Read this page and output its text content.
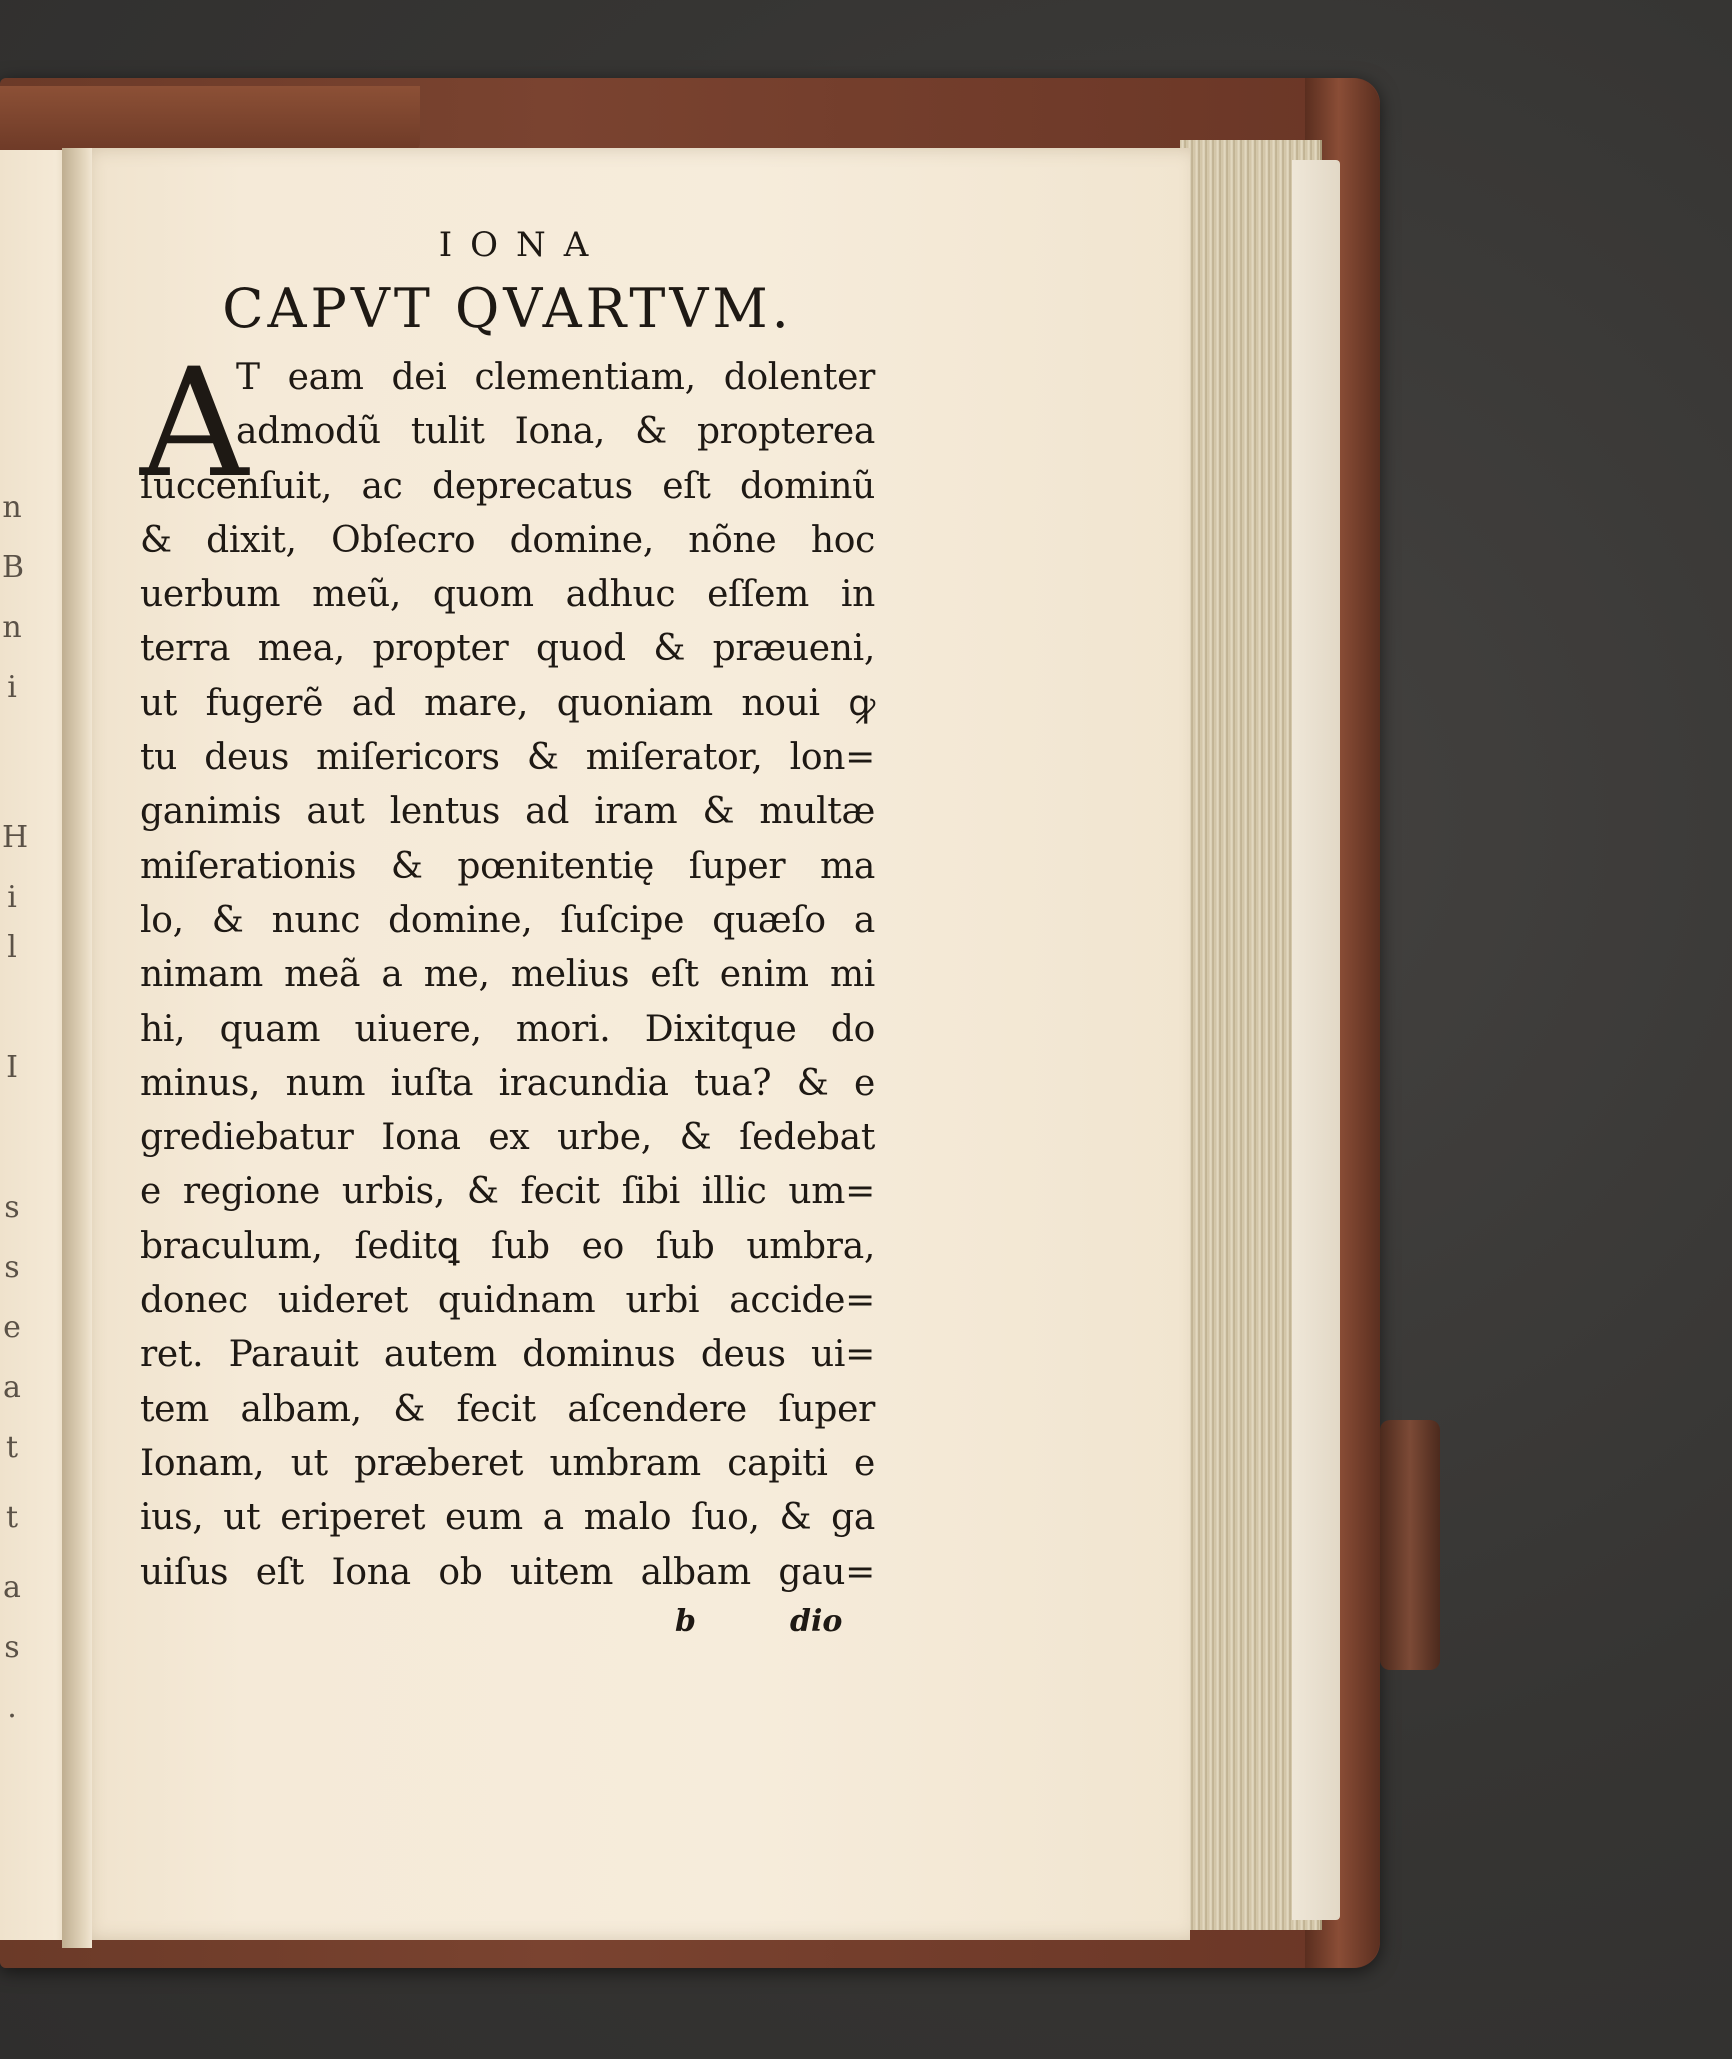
n
B
n
i
H
i
l
I
s
s
e
a
t
t
a
s
.
IONA
CAPVT QVARTVM.
A
T eam dei clementiam, dolenter
admodũ tulit Iona, & propterea
ſuccenſuit, ac deprecatus eſt dominũ
& dixit, Obſecro domine, nõne hoc
uerbum meũ, quom adhuc eſſem in
terra mea, propter quod & præueni,
ut fugerẽ ad mare, quoniam noui ꝙ
tu deus miſericors & miſerator, lon=
ganimis aut lentus ad iram & multæ
miſerationis & pœnitentię ſuper ma
lo, & nunc domine, ſuſcipe quæſo a
nimam meã a me, melius eſt enim mi
hi, quam uiuere, mori. Dixitque do
minus, num iuſta iracundia tua? & e
grediebatur Iona ex urbe, & ſedebat
e regione urbis, & fecit ſibi illic um=
braculum, ſeditꝗ ſub eo ſub umbra,
donec uideret quidnam urbi accide=
ret. Parauit autem dominus deus ui=
tem albam, & fecit aſcendere ſuper
Ionam, ut præberet umbram capiti e
ius, ut eriperet eum a malo ſuo, & ga
uiſus eſt Iona ob uitem albam gau=
b	dio
